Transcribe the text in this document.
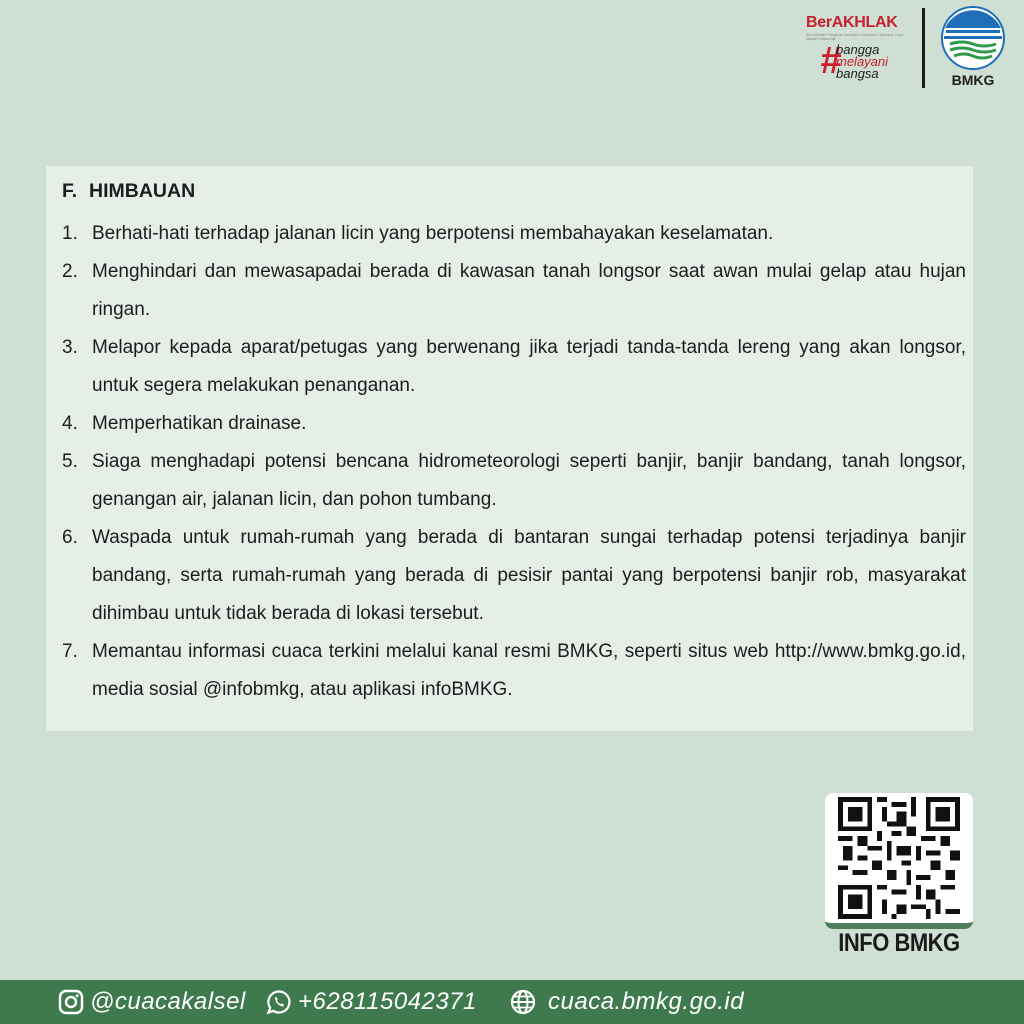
BerAKHLAK
Berorientasi Pelayanan Akuntabel Kompeten Harmonis Loyal Adaptif Kolaboratif
#
bangga
melayani
bangsa	BMKG
F. HIMBAUAN
1. Berhati-hati terhadap jalanan licin yang berpotensi membahayakan keselamatan.
2. Menghindari dan mewasapadai berada di kawasan tanah longsor saat awan mulai gelap atau hujan ringan.
3. Melapor kepada aparat/petugas yang berwenang jika terjadi tanda-tanda lereng yang akan longsor, untuk segera melakukan penanganan.
4. Memperhatikan drainase.
5. Siaga menghadapi potensi bencana hidrometeorologi seperti banjir, banjir bandang, tanah longsor, genangan air, jalanan licin, dan pohon tumbang.
6. Waspada untuk rumah-rumah yang berada di bantaran sungai terhadap potensi terjadinya banjir bandang, serta rumah-rumah yang berada di pesisir pantai yang berpotensi banjir rob, masyarakat dihimbau untuk tidak berada di lokasi tersebut.
7. Memantau informasi cuaca terkini melalui kanal resmi BMKG, seperti situs web http://www.bmkg.go.id, media sosial @infobmkg, atau aplikasi infoBMKG.
INFO BMKG
@cuacakalsel +628115042371	cuaca.bmkg.go.id
